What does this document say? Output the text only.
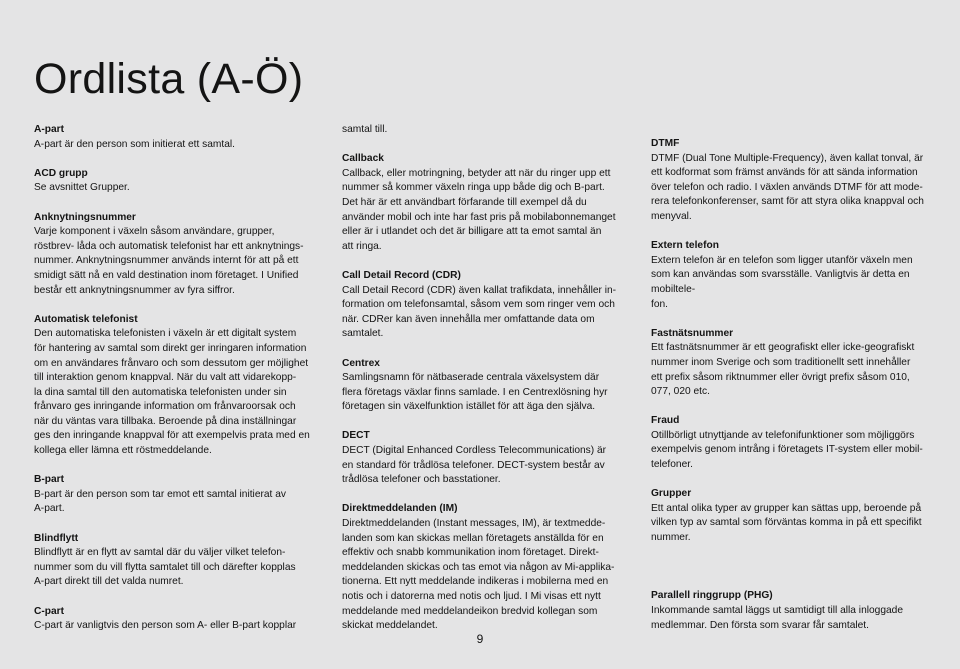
Ordlista (A-Ö)
A-part
A-part är den person som initierat ett samtal.
ACD grupp
Se avsnittet Grupper.
Anknytningsnummer
Varje komponent i växeln såsom användare, grupper,
röstbrev- låda och automatisk telefonist har ett anknytnings-
nummer. Anknytningsnummer används internt för att på ett
smidigt sätt nå en vald destination inom företaget. I Unified
består ett anknytningsnummer av fyra siffror.
Automatisk telefonist
Den automatiska telefonisten i växeln är ett digitalt system
för hantering av samtal som direkt ger inringaren information
om en användares frånvaro och som dessutom ger möjlighet
till interaktion genom knappval. När du valt att vidarekopp-
la dina samtal till den automatiska telefonisten under sin
frånvaro ges inringande information om frånvaroorsak och
när du väntas vara tillbaka. Beroende på dina inställningar
ges den inringande knappval för att exempelvis prata med en
kollega eller lämna ett röstmeddelande.
B-part
B-part är den person som tar emot ett samtal initierat av
A-part.
Blindflytt
Blindflytt är en flytt av samtal där du väljer vilket telefon-
nummer som du vill flytta samtalet till och därefter kopplas
A-part direkt till det valda numret.
C-part
C-part är vanligtvis den person som A- eller B-part kopplar
samtal till.
Callback
Callback, eller motringning, betyder att när du ringer upp ett
nummer så kommer växeln ringa upp både dig och B-part.
Det här är ett användbart förfarande till exempel då du
använder mobil och inte har fast pris på mobilabonnemanget
eller är i utlandet och det är billigare att ta emot samtal än
att ringa.
Call Detail Record (CDR)
Call Detail Record (CDR) även kallat trafikdata, innehåller in-
formation om telefonsamtal, såsom vem som ringer vem och
när. CDRer kan även innehålla mer omfattande data om
samtalet.
Centrex
Samlingsnamn för nätbaserade centrala växelsystem där
flera företags växlar finns samlade. I en Centrexlösning hyr
företagen sin växelfunktion istället för att äga den själva.
DECT
DECT (Digital Enhanced Cordless Telecommunications) är
en standard för trådlösa telefoner. DECT-system består av
trådlösa telefoner och basstationer.
Direktmeddelanden (IM)
Direktmeddelanden (Instant messages, IM), är textmedde-
landen som kan skickas mellan företagets anställda för en
effektiv och snabb kommunikation inom företaget. Direkt-
meddelanden skickas och tas emot via någon av Mi-applika-
tionerna. Ett nytt meddelande indikeras i mobilerna med en
notis och i datorerna med notis och ljud. I Mi visas ett nytt
meddelande med meddelandeikon bredvid kollegan som
skickat meddelandet.
DTMF
DTMF (Dual Tone Multiple-Frequency), även kallat tonval, är
ett kodformat som främst används för att sända information
över telefon och radio. I växlen används DTMF för att mode-
rera telefonkonferenser, samt för att styra olika knappval och
menyval.
Extern telefon
Extern telefon är en telefon som ligger utanför växeln men
som kan användas som svarsställe. Vanligtvis är detta en
mobiltele-
fon.
Fastnätsnummer
Ett fastnätsnummer är ett geografiskt eller icke-geografiskt
nummer inom Sverige och som traditionellt sett innehåller
ett prefix såsom riktnummer eller övrigt prefix såsom 010,
077, 020 etc.
Fraud
Otillbörligt utnyttjande av telefonifunktioner som möjliggörs
exempelvis genom intrång i företagets IT-system eller mobil-
telefoner.
Grupper
Ett antal olika typer av grupper kan sättas upp, beroende på
vilken typ av samtal som förväntas komma in på ett specifikt
nummer.
Parallell ringgrupp (PHG)
Inkommande samtal läggs ut samtidigt till alla inloggade
medlemmar. Den första som svarar får samtalet.
9
